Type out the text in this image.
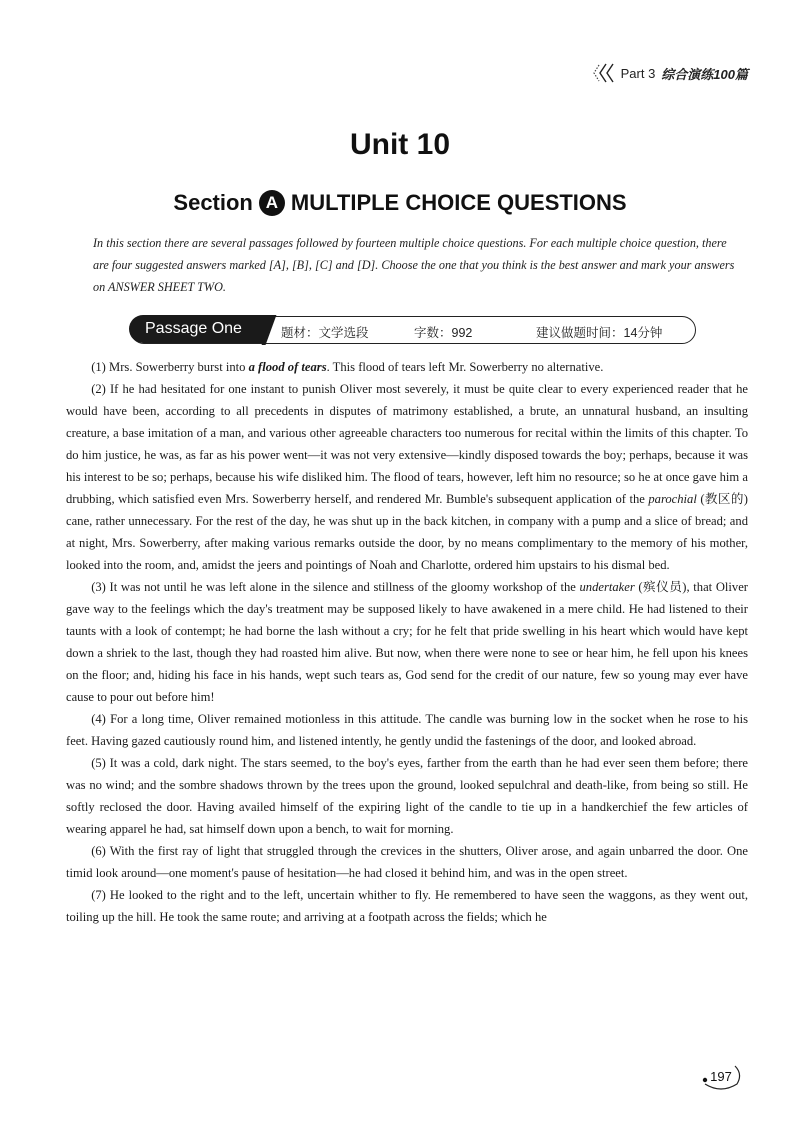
Part 3 综合演练100篇
Unit 10
Section A MULTIPLE CHOICE QUESTIONS
In this section there are several passages followed by fourteen multiple choice questions. For each multiple choice question, there are four suggested answers marked [A], [B], [C] and [D]. Choose the one that you think is the best answer and mark your answers on ANSWER SHEET TWO.
Passage One	题材：文学选段	字数：992	建议做题时间：14分钟

(1) Mrs. Sowerberry burst into a flood of tears. This flood of tears left Mr. Sowerberry no alternative.

(2) If he had hesitated for one instant to punish Oliver most severely, it must be quite clear to every experienced reader that he would have been, according to all precedents in disputes of matrimony established, a brute, an unnatural husband, an insulting creature, a base imitation of a man, and various other agreeable characters too numerous for recital within the limits of this chapter. To do him justice, he was, as far as his power went—it was not very extensive—kindly disposed towards the boy; perhaps, because it was his interest to be so; perhaps, because his wife disliked him. The flood of tears, however, left him no resource; so he at once gave him a drubbing, which satisfied even Mrs. Sowerberry herself, and rendered Mr. Bumble's subsequent application of the parochial (教区的) cane, rather unnecessary. For the rest of the day, he was shut up in the back kitchen, in company with a pump and a slice of bread; and at night, Mrs. Sowerberry, after making various remarks outside the door, by no means complimentary to the memory of his mother, looked into the room, and, amidst the jeers and pointings of Noah and Charlotte, ordered him upstairs to his dismal bed.

(3) It was not until he was left alone in the silence and stillness of the gloomy workshop of the undertaker (殡仪员), that Oliver gave way to the feelings which the day's treatment may be supposed likely to have awakened in a mere child. He had listened to their taunts with a look of contempt; he had borne the lash without a cry; for he felt that pride swelling in his heart which would have kept down a shriek to the last, though they had roasted him alive. But now, when there were none to see or hear him, he fell upon his knees on the floor; and, hiding his face in his hands, wept such tears as, God send for the credit of our nature, few so young may ever have cause to pour out before him!

(4) For a long time, Oliver remained motionless in this attitude. The candle was burning low in the socket when he rose to his feet. Having gazed cautiously round him, and listened intently, he gently undid the fastenings of the door, and looked abroad.

(5) It was a cold, dark night. The stars seemed, to the boy's eyes, farther from the earth than he had ever seen them before; there was no wind; and the sombre shadows thrown by the trees upon the ground, looked sepulchral and death-like, from being so still. He softly reclosed the door. Having availed himself of the expiring light of the candle to tie up in a handkerchief the few articles of wearing apparel he had, sat himself down upon a bench, to wait for morning.

(6) With the first ray of light that struggled through the crevices in the shutters, Oliver arose, and again unbarred the door. One timid look around—one moment's pause of hesitation—he had closed it behind him, and was in the open street.

(7) He looked to the right and to the left, uncertain whither to fly. He remembered to have seen the waggons, as they went out, toiling up the hill. He took the same route; and arriving at a footpath across the fields; which he

197
